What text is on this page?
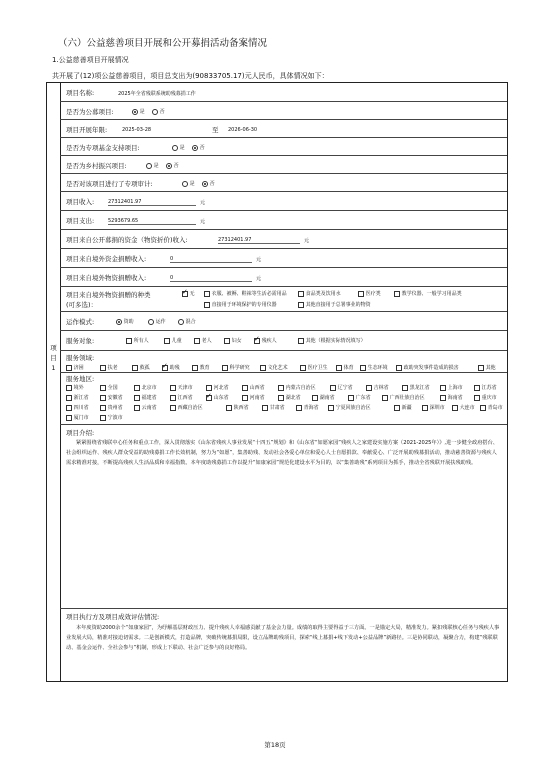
（六）公益慈善项目开展和公开募捐活动备案情况
1.公益慈善项目开展情况
共开展了(12)项公益慈善项目，项目总支出为(90833705.17)元人民币，具体情况如下：
项目1
项目名称:	2025年全省残联系统助残募捐工作
是否为公募项目:	是	否
项目开展年限:	2025-03-28	至 2026-06-30
是否为专项基金支持项目:	是	否
是否为乡村振兴项目:	是	否
是否对该项目进行了专项审计:	是	否
项目收入:	27312401.97	元
项目支出:	5293679.65	元
项目来自公开募捐的资金（物资折价)收入:	27312401.97	元
项目来自境外资金捐赠收入:	0	元
项目来自境外物资捐赠收入:	0	元
项目来自境外物资捐赠的种类
(可多选)：
✓ 无	衣服、被褥、鞋袜等生活必需用品	食品类及饮用水	医疗类	教学仪器、一般学习用品类
直接用于环境保护的专用仪器	其他直接用于总署事业的物资
运作模式:	资助	运作	混合
服务对象:	所有人	儿童	老人	妇女 ✓	残疾人	其他（根据实际情况填写）
服务领域:
济困	扶老	救孤 ✓	助残	教育	科学研究	文化艺术	医疗卫生	体育	生态环境	政助突发事件造成的损害	其他
服务地区:
境外	全国	北京市	天津市	河北省	山西省	内蒙古自治区	辽宁省	吉林省	黑龙江省	上海市	江苏省
浙江省	安徽省	福建省	江西省 ✓	山东省	河南省	湖北省	湖南省	广东省	广西壮族自治区	海南省	重庆市
四川省	贵州省	云南省	西藏自治区	陕西省	甘肃省	青海省	宁夏回族自治区	新疆	深圳市	大连市	青岛市
厦门市	宁波市
项目介绍:
紧紧围绕省残联中心任务和重点工作，深入贯彻落实《山东省残疾人事业发展“十四五”规划》和《山东省“如愿家园”残疾人之家建设实施方案（2021-2025年）》,进一步健全政府搭台、社会组织运作、残疾人群众受益的助残募捐工作长效机制，努力为“如愿”，集善助残、发动社会各爱心单位和爱心人士自愿捐款、奉献爱心、广泛开展助残募捐活动，推动慈善资源与残疾人需求精准对接，不断提高残疾人生活品质和幸福指数。本年度助残募捐工作以提升“如康家园”规范化建设水平为目的，以“集善助残”系列项目为抓手，推动全省残联开展扶残助残。
项目执行方及项目成效评估情况:
本年度资助2000余个“如康家园”，为纾解基层财政压力、提升残疾人幸福感贡献了基金会力量。成绩的取得主要得益于三方面。一是锚定大局，精准发力。紧扣残联核心任务与残疾人事业发展大局，精准对接迫切需求。二是创新模式，打造品牌，突破传统募捐局限，设立品牌助残项目，探索“线上募捐+线下发动+公益品牌”新路径。三是协同联动，凝聚合力，构建“残联联动、基金会运作、全社会参与”机制，形成上下联动、社会广泛参与的良好格局。
第18页
